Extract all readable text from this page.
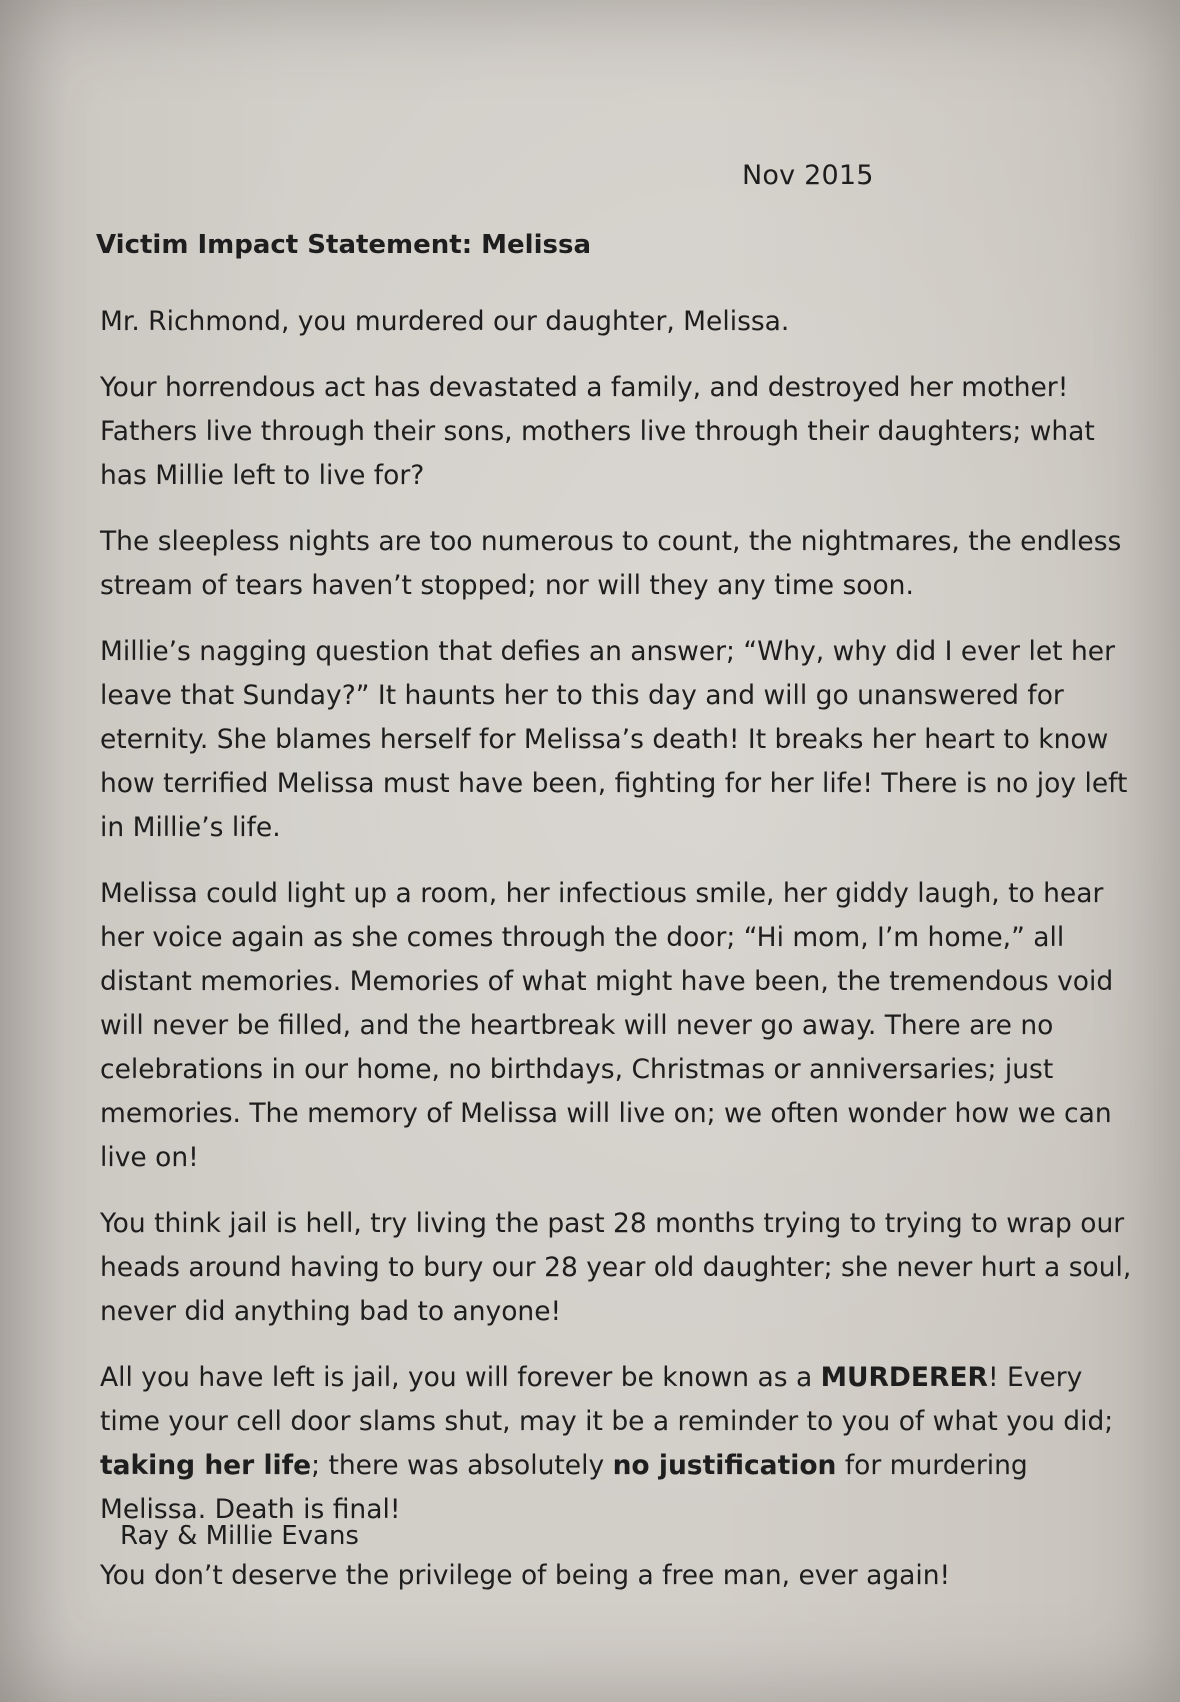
Nov 2015
Victim Impact Statement: Melissa

Mr. Richmond, you murdered our daughter, Melissa.

Your horrendous act has devastated a family, and destroyed her mother! Fathers live through their sons, mothers live through their daughters; what has Millie left to live for?

The sleepless nights are too numerous to count, the nightmares, the endless stream of tears haven’t stopped; nor will they any time soon.

Millie’s nagging question that defies an answer; “Why, why did I ever let her leave that Sunday?” It haunts her to this day and will go unanswered for eternity. She blames herself for Melissa’s death! It breaks her heart to know how terrified Melissa must have been, fighting for her life! There is no joy left in Millie’s life.

Melissa could light up a room, her infectious smile, her giddy laugh, to hear her voice again as she comes through the door; “Hi mom, I’m home,” all distant memories. Memories of what might have been, the tremendous void will never be filled, and the heartbreak will never go away. There are no celebrations in our home, no birthdays, Christmas or anniversaries; just memories. The memory of Melissa will live on; we often wonder how we can live on!

You think jail is hell, try living the past 28 months trying to trying to wrap our heads around having to bury our 28 year old daughter; she never hurt a soul, never did anything bad to anyone!

All you have left is jail, you will forever be known as a MURDERER! Every time your cell door slams shut, may it be a reminder to you of what you did; taking her life; there was absolutely no justification for murdering Melissa. Death is final!

You don’t deserve the privilege of being a free man, ever again!

Ray & Millie Evans
